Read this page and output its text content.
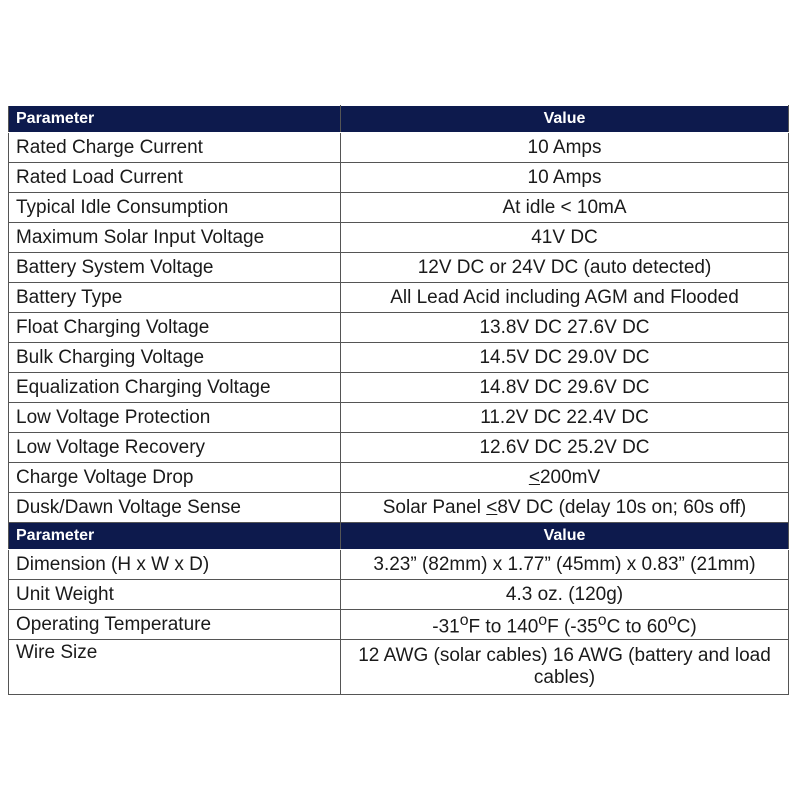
Parameter	Value
Rated Charge Current	10 Amps
Rated Load Current	10 Amps
Typical Idle Consumption	At idle < 10mA
Maximum Solar Input Voltage	41V DC
Battery System Voltage	12V DC or 24V DC (auto detected)
Battery Type	All Lead Acid including AGM and Flooded
Float Charging Voltage	13.8V DC 27.6V DC
Bulk Charging Voltage	14.5V DC 29.0V DC
Equalization Charging Voltage	14.8V DC 29.6V DC
Low Voltage Protection	11.2V DC 22.4V DC
Low Voltage Recovery	12.6V DC 25.2V DC
Charge Voltage Drop	≤200mV
Dusk/Dawn Voltage Sense	Solar Panel ≤8V DC (delay 10s on; 60s off)
Parameter	Value
Dimension (H x W x D)	3.23” (82mm) x 1.77” (45mm) x 0.83” (21mm)
Unit Weight	4.3 oz. (120g)
Operating Temperature	-31$^o$F to 140$^o$F (-35$^o$C to 60$^o$C)
Wire Size	12 AWG (solar cables) 16 AWG (battery and load cables)
